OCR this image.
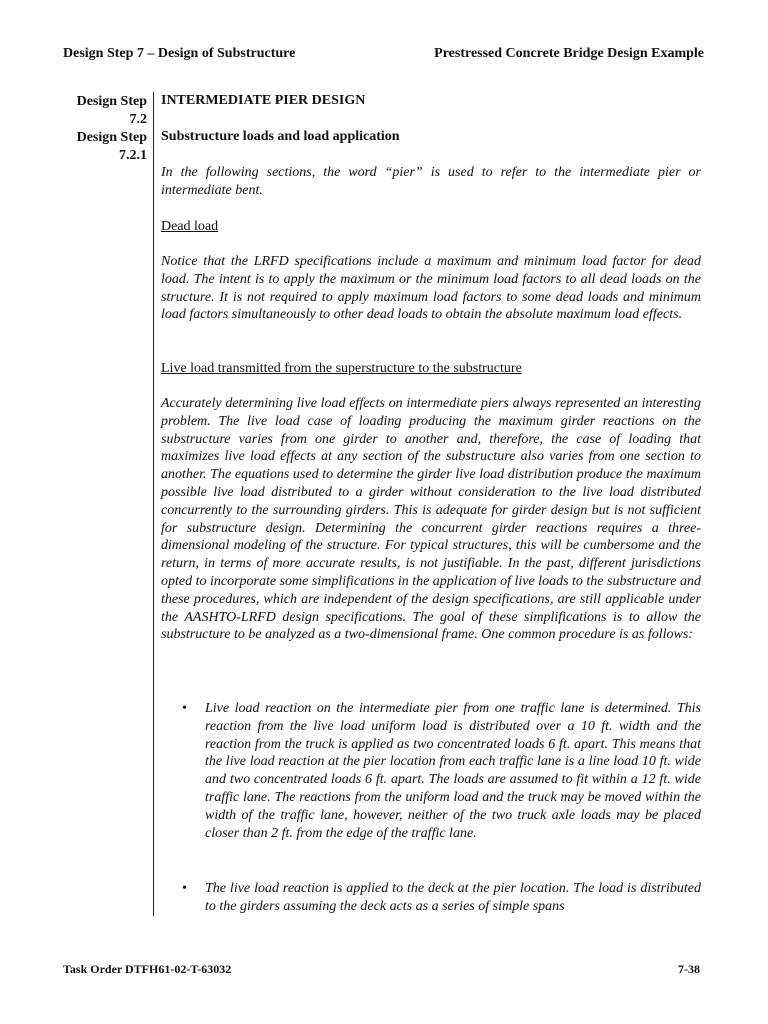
Design Step 7 – Design of Substructure	Prestressed Concrete Bridge Design Example
Design Step
7.2
Design Step
7.2.1
INTERMEDIATE PIER DESIGN
Substructure loads and load application
In the following sections, the word “pier” is used to refer to the intermediate pier or intermediate bent.
Dead load
Notice that the LRFD specifications include a maximum and minimum load factor for dead load. The intent is to apply the maximum or the minimum load factors to all dead loads on the structure. It is not required to apply maximum load factors to some dead loads and minimum load factors simultaneously to other dead loads to obtain the absolute maximum load effects.
Live load transmitted from the superstructure to the substructure
Accurately determining live load effects on intermediate piers always represented an interesting problem. The live load case of loading producing the maximum girder reactions on the substructure varies from one girder to another and, therefore, the case of loading that maximizes live load effects at any section of the substructure also varies from one section to another. The equations used to determine the girder live load distribution produce the maximum possible live load distributed to a girder without consideration to the live load distributed concurrently to the surrounding girders. This is adequate for girder design but is not sufficient for substructure design. Determining the concurrent girder reactions requires a three-dimensional modeling of the structure. For typical structures, this will be cumbersome and the return, in terms of more accurate results, is not justifiable. In the past, different jurisdictions opted to incorporate some simplifications in the application of live loads to the substructure and these procedures, which are independent of the design specifications, are still applicable under the AASHTO-LRFD design specifications. The goal of these simplifications is to allow the substructure to be analyzed as a two-dimensional frame. One common procedure is as follows:
• Live load reaction on the intermediate pier from one traffic lane is determined. This reaction from the live load uniform load is distributed over a 10 ft. width and the reaction from the truck is applied as two concentrated loads 6 ft. apart. This means that the live load reaction at the pier location from each traffic lane is a line load 10 ft. wide and two concentrated loads 6 ft. apart. The loads are assumed to fit within a 12 ft. wide traffic lane. The reactions from the uniform load and the truck may be moved within the width of the traffic lane, however, neither of the two truck axle loads may be placed closer than 2 ft. from the edge of the traffic lane.
• The live load reaction is applied to the deck at the pier location. The load is distributed to the girders assuming the deck acts as a series of simple spans
Task Order DTFH61-02-T-63032	7-38
